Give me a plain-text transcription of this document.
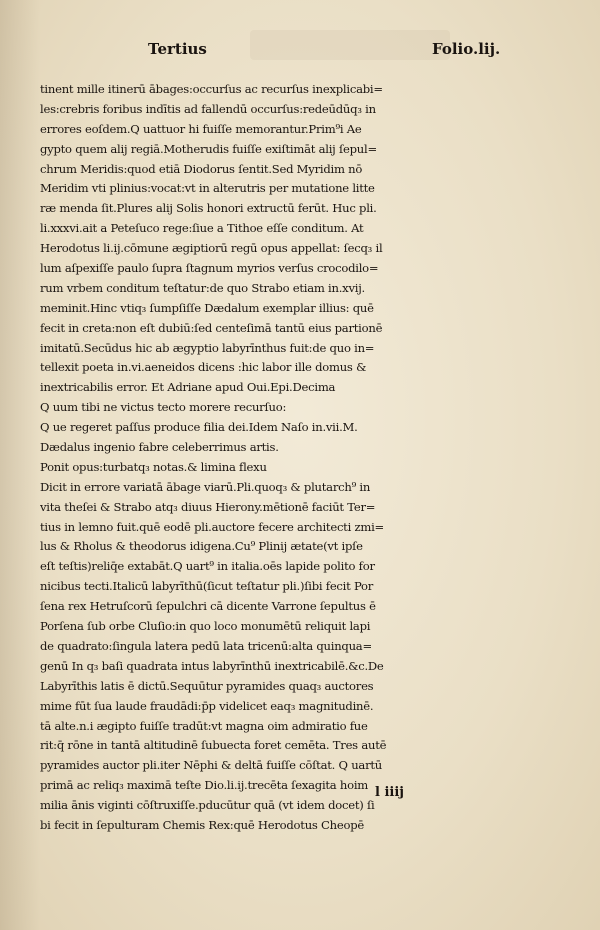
Tertius	Folio.lij.
tinent mille itinerū ābages:occurſus ac recurſus inexplicabi=
les:crebris foribus indītis ad fallendū occurſus:redeūdūq₃ in
errores eoſdem.Q uattuor hi fuiſſe memorantur.Prim⁹i Ae
gypto quem alij regiā.Motherudis fuiſſe exiſtimāt alij ſepul=
chrum Meridis:quod etiā Diodorus ſentit.Sed Myridim nō
Meridim vti plinius:vocat:vt in alterutris per mutatione litte
ræ menda ſit.Plures alij Solis honori extructū ferūt. Huc pli.
li.xxxvi.ait a Peteſuco rege:ſiue a Tithoe eſſe conditum. At
Herodotus li.ij.cōmune ægiptiorū regū opus appellat: ſecq₃ il
lum aſpexiſſe paulo ſupra ſtagnum myrios verſus crocodilo=
rum vrbem conditum teſtatur:de quo Strabo etiam in.xvij.
meminit.Hinc vtiq₃ ſumpſiſſe Dædalum exemplar illius: quē
fecit in creta:non eſt dubiū:ſed centeſimā tantū eius partionē
imitatū.Secūdus hic ab ægyptio labyrīnthus fuit:de quo in=
tellexit poeta in.vi.aeneidos dicens :hic labor ille domus &
inextricabilis error. Et Adriane apud Oui.Epi.Decima
Q uum tibi ne victus tecto morere recurſuo:
Q ue regeret paſſus produce filia dei.Idem Naſo in.vii.M.
Dædalus ingenio fabre celeberrimus artis.
Ponit opus:turbatq₃ notas.& limina flexu
Dicit in errore variatā ābage viarū.Pli.quoq₃ & plutarch⁹ in
vita theſei & Strabo atq₃ diuus Hierony.mētionē faciūt Ter=
tius in lemno fuit.quē eodē pli.auctore fecere architecti zmi=
lus & Rholus & theodorus idigena.Cu⁹ Plinij ætate(vt ipſe
eſt teſtis)reliq̄e extabāt.Q uart⁹ in italia.oēs lapide polito for
nicibus tecti.Italicū labyrīthū(ſicut teſtatur pli.)ſibi fecit Por
ſena rex Hetruſcorū ſepulchri cā dicente Varrone ſepultus ē
Porſena ſub orbe Cluſio:in quo loco monumētū reliquit lapi
de quadrato:ſingula latera pedū lata tricenū:alta quinqua=
genū In q₃ baſi quadrata intus labyrīnthū inextricabilē.&c.De
Labyrīthis latis ē dictū.Sequūtur pyramides quaq₃ auctores
mime fūt ſua laude fraudādi:p̄p videlicet eaq₃ magnitudinē.
tā alte.n.i ægipto fuiſſe tradūt:vt magna oim admiratio fue
rit:q̄ rōne in tantā altitudinē ſubuecta foret cemēta. Tres autē
pyramides auctor pli.iter Nēphi & deltā fuiſſe cōſtat. Q uartū
primā ac reliq₃ maximā teſte Dio.li.ij.trecēta ſexagita hoim
milia ānis viginti cōſtruxiſſe.pducūtur quā (vt idem docet) ſi
bi fecit in ſepulturam Chemis Rex:quē Herodotus Cheopē
l iiij
